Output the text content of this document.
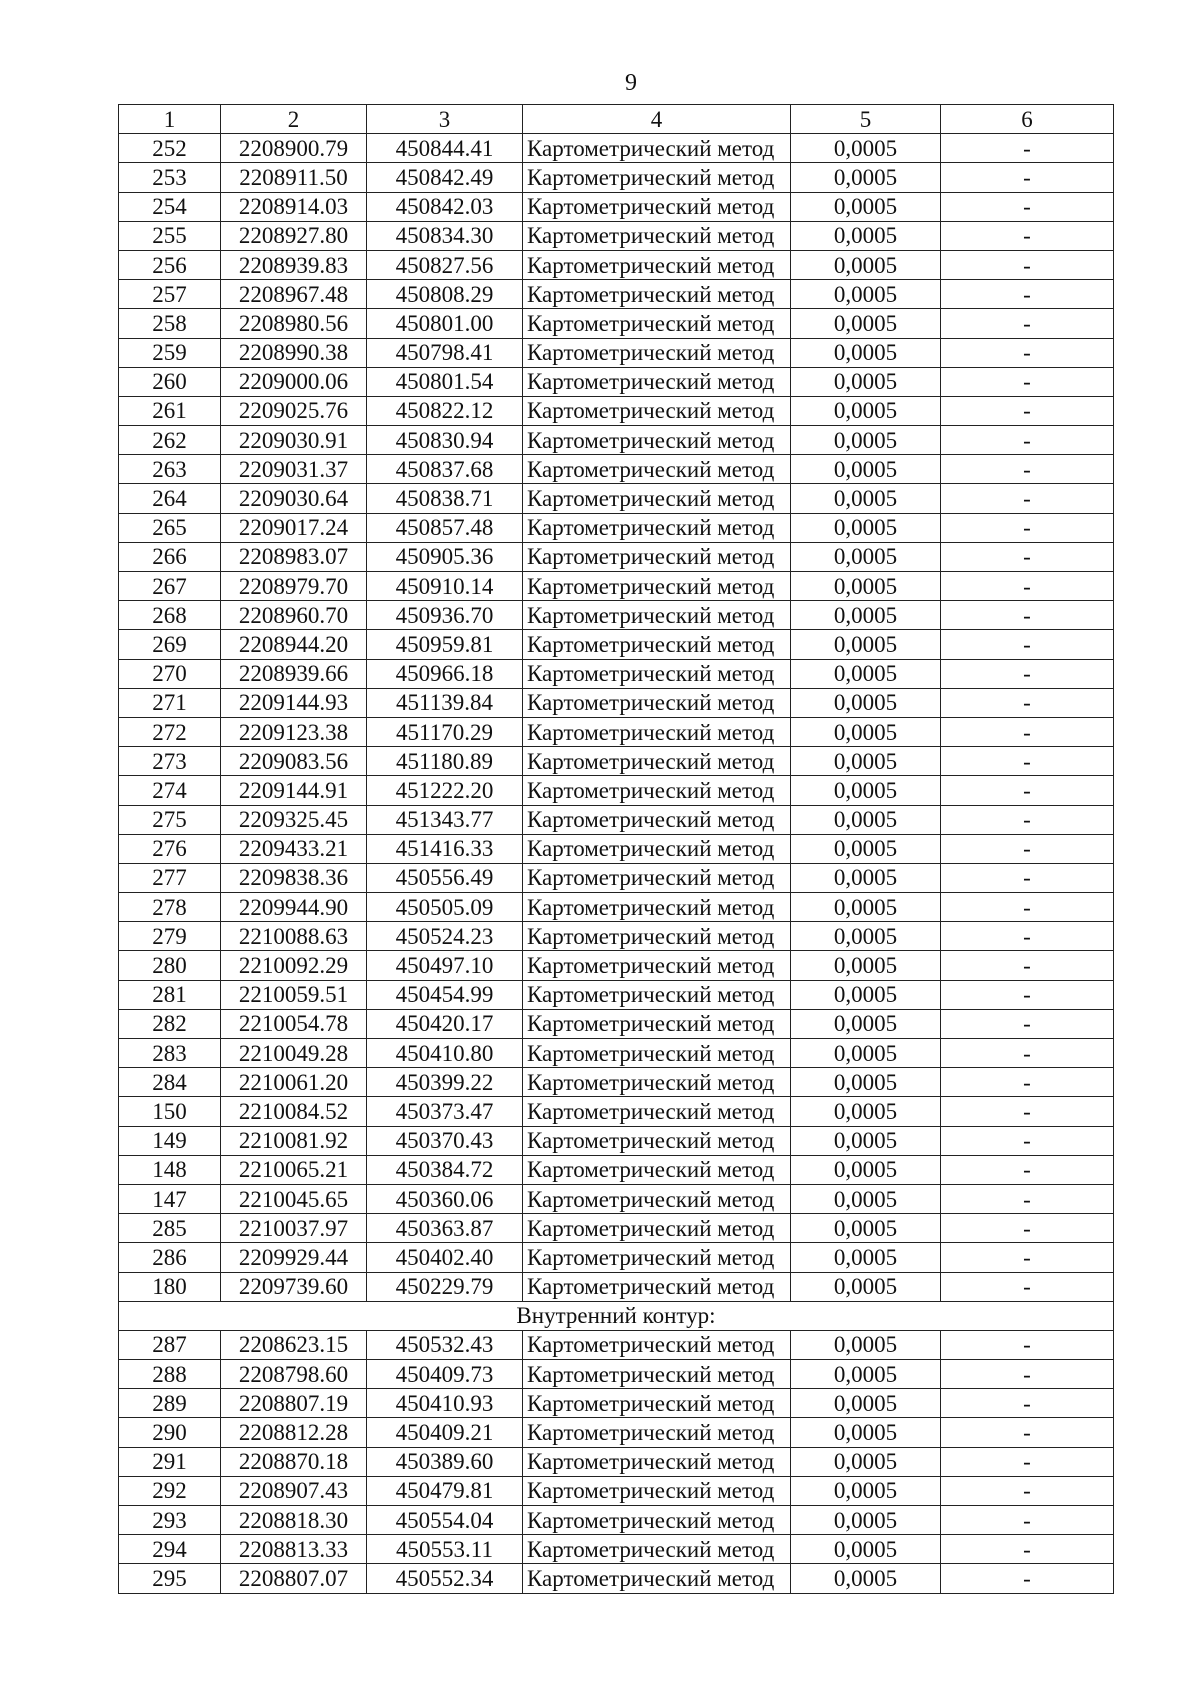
9
1	2	3	4	5	6
252	2208900.79	450844.41	Картометрический метод	0,0005	-
253	2208911.50	450842.49	Картометрический метод	0,0005	-
254	2208914.03	450842.03	Картометрический метод	0,0005	-
255	2208927.80	450834.30	Картометрический метод	0,0005	-
256	2208939.83	450827.56	Картометрический метод	0,0005	-
257	2208967.48	450808.29	Картометрический метод	0,0005	-
258	2208980.56	450801.00	Картометрический метод	0,0005	-
259	2208990.38	450798.41	Картометрический метод	0,0005	-
260	2209000.06	450801.54	Картометрический метод	0,0005	-
261	2209025.76	450822.12	Картометрический метод	0,0005	-
262	2209030.91	450830.94	Картометрический метод	0,0005	-
263	2209031.37	450837.68	Картометрический метод	0,0005	-
264	2209030.64	450838.71	Картометрический метод	0,0005	-
265	2209017.24	450857.48	Картометрический метод	0,0005	-
266	2208983.07	450905.36	Картометрический метод	0,0005	-
267	2208979.70	450910.14	Картометрический метод	0,0005	-
268	2208960.70	450936.70	Картометрический метод	0,0005	-
269	2208944.20	450959.81	Картометрический метод	0,0005	-
270	2208939.66	450966.18	Картометрический метод	0,0005	-
271	2209144.93	451139.84	Картометрический метод	0,0005	-
272	2209123.38	451170.29	Картометрический метод	0,0005	-
273	2209083.56	451180.89	Картометрический метод	0,0005	-
274	2209144.91	451222.20	Картометрический метод	0,0005	-
275	2209325.45	451343.77	Картометрический метод	0,0005	-
276	2209433.21	451416.33	Картометрический метод	0,0005	-
277	2209838.36	450556.49	Картометрический метод	0,0005	-
278	2209944.90	450505.09	Картометрический метод	0,0005	-
279	2210088.63	450524.23	Картометрический метод	0,0005	-
280	2210092.29	450497.10	Картометрический метод	0,0005	-
281	2210059.51	450454.99	Картометрический метод	0,0005	-
282	2210054.78	450420.17	Картометрический метод	0,0005	-
283	2210049.28	450410.80	Картометрический метод	0,0005	-
284	2210061.20	450399.22	Картометрический метод	0,0005	-
150	2210084.52	450373.47	Картометрический метод	0,0005	-
149	2210081.92	450370.43	Картометрический метод	0,0005	-
148	2210065.21	450384.72	Картометрический метод	0,0005	-
147	2210045.65	450360.06	Картометрический метод	0,0005	-
285	2210037.97	450363.87	Картометрический метод	0,0005	-
286	2209929.44	450402.40	Картометрический метод	0,0005	-
180	2209739.60	450229.79	Картометрический метод	0,0005	-
Внутренний контур:					
287	2208623.15	450532.43	Картометрический метод	0,0005	-
288	2208798.60	450409.73	Картометрический метод	0,0005	-
289	2208807.19	450410.93	Картометрический метод	0,0005	-
290	2208812.28	450409.21	Картометрический метод	0,0005	-
291	2208870.18	450389.60	Картометрический метод	0,0005	-
292	2208907.43	450479.81	Картометрический метод	0,0005	-
293	2208818.30	450554.04	Картометрический метод	0,0005	-
294	2208813.33	450553.11	Картометрический метод	0,0005	-
295	2208807.07	450552.34	Картометрический метод	0,0005	-
